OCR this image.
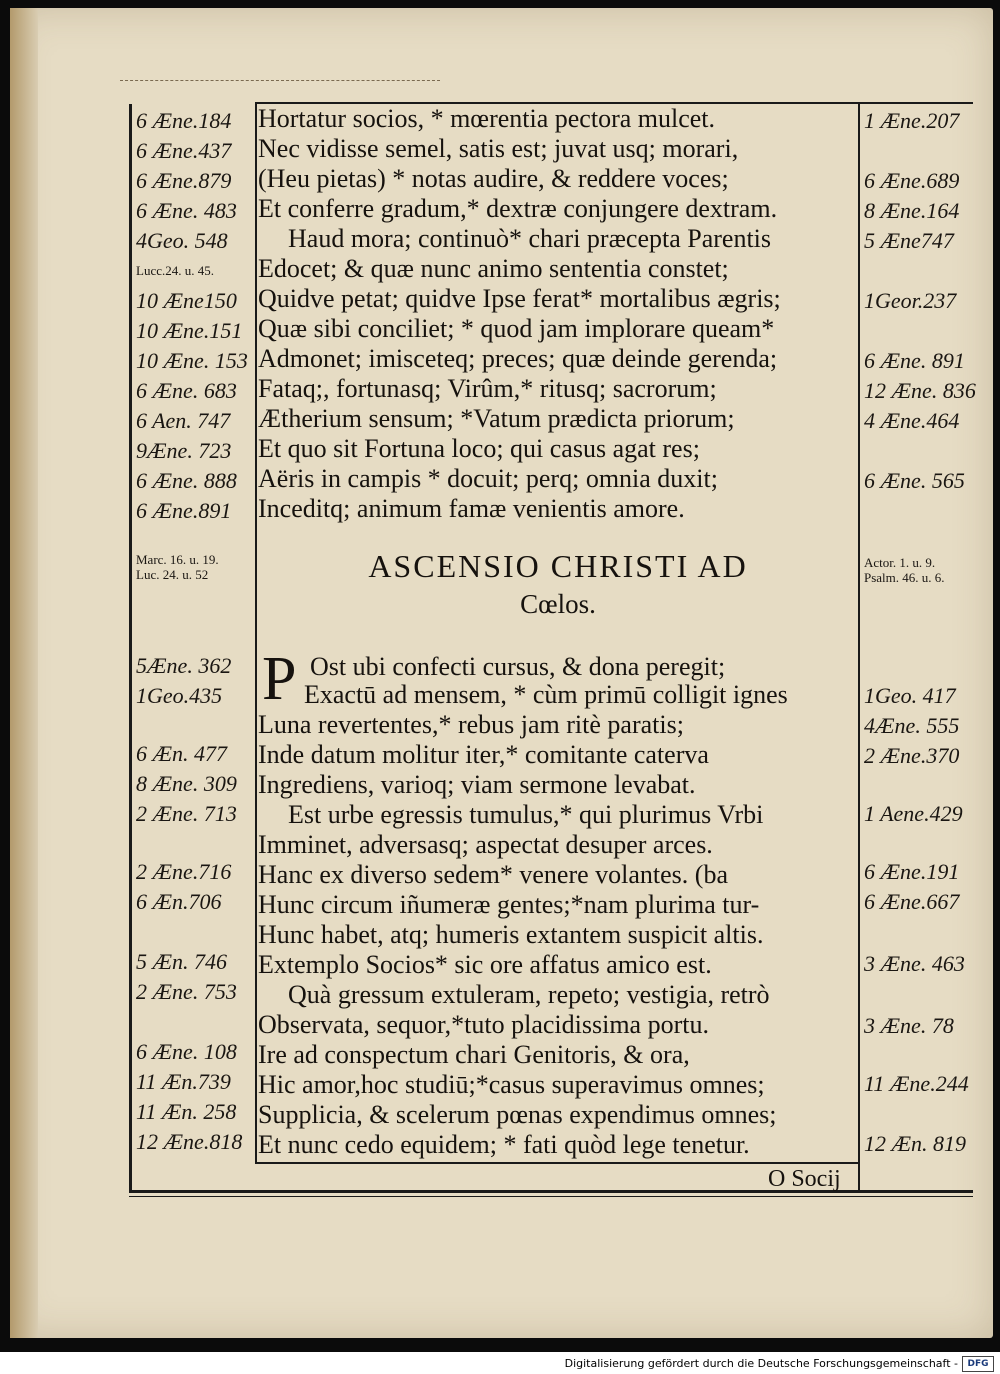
6 Æne.184
6 Æne.437
6 Æne.879
6 Æne. 483
4Geo. 548
Lucc.24. u. 45.
10 Æne150
10 Æne.151
10 Æne. 153
6 Æne. 683
6 Aen. 747
9Æne. 723
6 Æne. 888
6 Æne.891
Marc. 16. u. 19.
Luc. 24. u. 52
5Æne. 362
1Geo.435
6 Æn. 477
8 Æne. 309
2 Æne. 713
2 Æne.716
6 Æn.706
5 Æn. 746
2 Æne. 753
6 Æne. 108
11 Æn.739
11 Æn. 258
12 Æne.818
1 Æne.207
6 Æne.689
8 Æne.164
5 Æne747
1Geor.237
6 Æne. 891
12 Æne. 836
4 Æne.464
6 Æne. 565
Actor. 1. u. 9.
Psalm. 46. u. 6.
1Geo. 417
4Æne. 555
2 Æne.370
1 Aene.429
6 Æne.191
6 Æne.667
3 Æne. 463
3 Æne. 78
11 Æne.244
12 Æn. 819
Hortatur socios, * mœrentia pectora mulcet.
Nec vidisse semel, satis est; juvat usq; morari,
(Heu pietas) * notas audire, & reddere voces;
Et conferre gradum,* dextræ conjungere dextram.
Haud mora; continuò* chari præcepta Parentis
Edocet; & quæ nunc animo sententia constet;
Quidve petat; quidve Ipse ferat* mortalibus ægris;
Quæ sibi conciliet; * quod jam implorare queam*
Admonet; imisceteq; preces; quæ deinde gerenda;
Fataq;, fortunasq; Virûm,* ritusq; sacrorum;
Ætherium sensum; *Vatum prædicta priorum;
Et quo sit Fortuna loco; qui casus agat res;
Aëris in campis * docuit; perq; omnia duxit;
Inceditq; animum famæ venientis amore.
ASCENSIO CHRISTI AD
Cœlos.
P Ost ubi confecti cursus, & dona peregit;
Exactū ad mensem, * cùm primū colligit ignes
Luna revertentes,* rebus jam ritè paratis;
Inde datum molitur iter,* comitante caterva
Ingrediens, varioq; viam sermone levabat.
Est urbe egressis tumulus,* qui plurimus Vrbi
Imminet, adversasq; aspectat desuper arces.
Hanc ex diverso sedem* venere volantes. (ba
Hunc circum iñumeræ gentes;*nam plurima tur-
Hunc habet, atq; humeris extantem suspicit altis.
Extemplo Socios* sic ore affatus amico est.
Quà gressum extuleram, repeto; vestigia, retrò
Observata, sequor,*tuto placidissima portu.
Ire ad conspectum chari Genitoris, & ora,
Hic amor,hoc studiū;*casus superavimus omnes;
Supplicia, & scelerum pœnas expendimus omnes;
Et nunc cedo equidem; * fati quòd lege tenetur.
O Socij
Digitalisierung gefördert durch die Deutsche Forschungsgemeinschaft -	DFG
